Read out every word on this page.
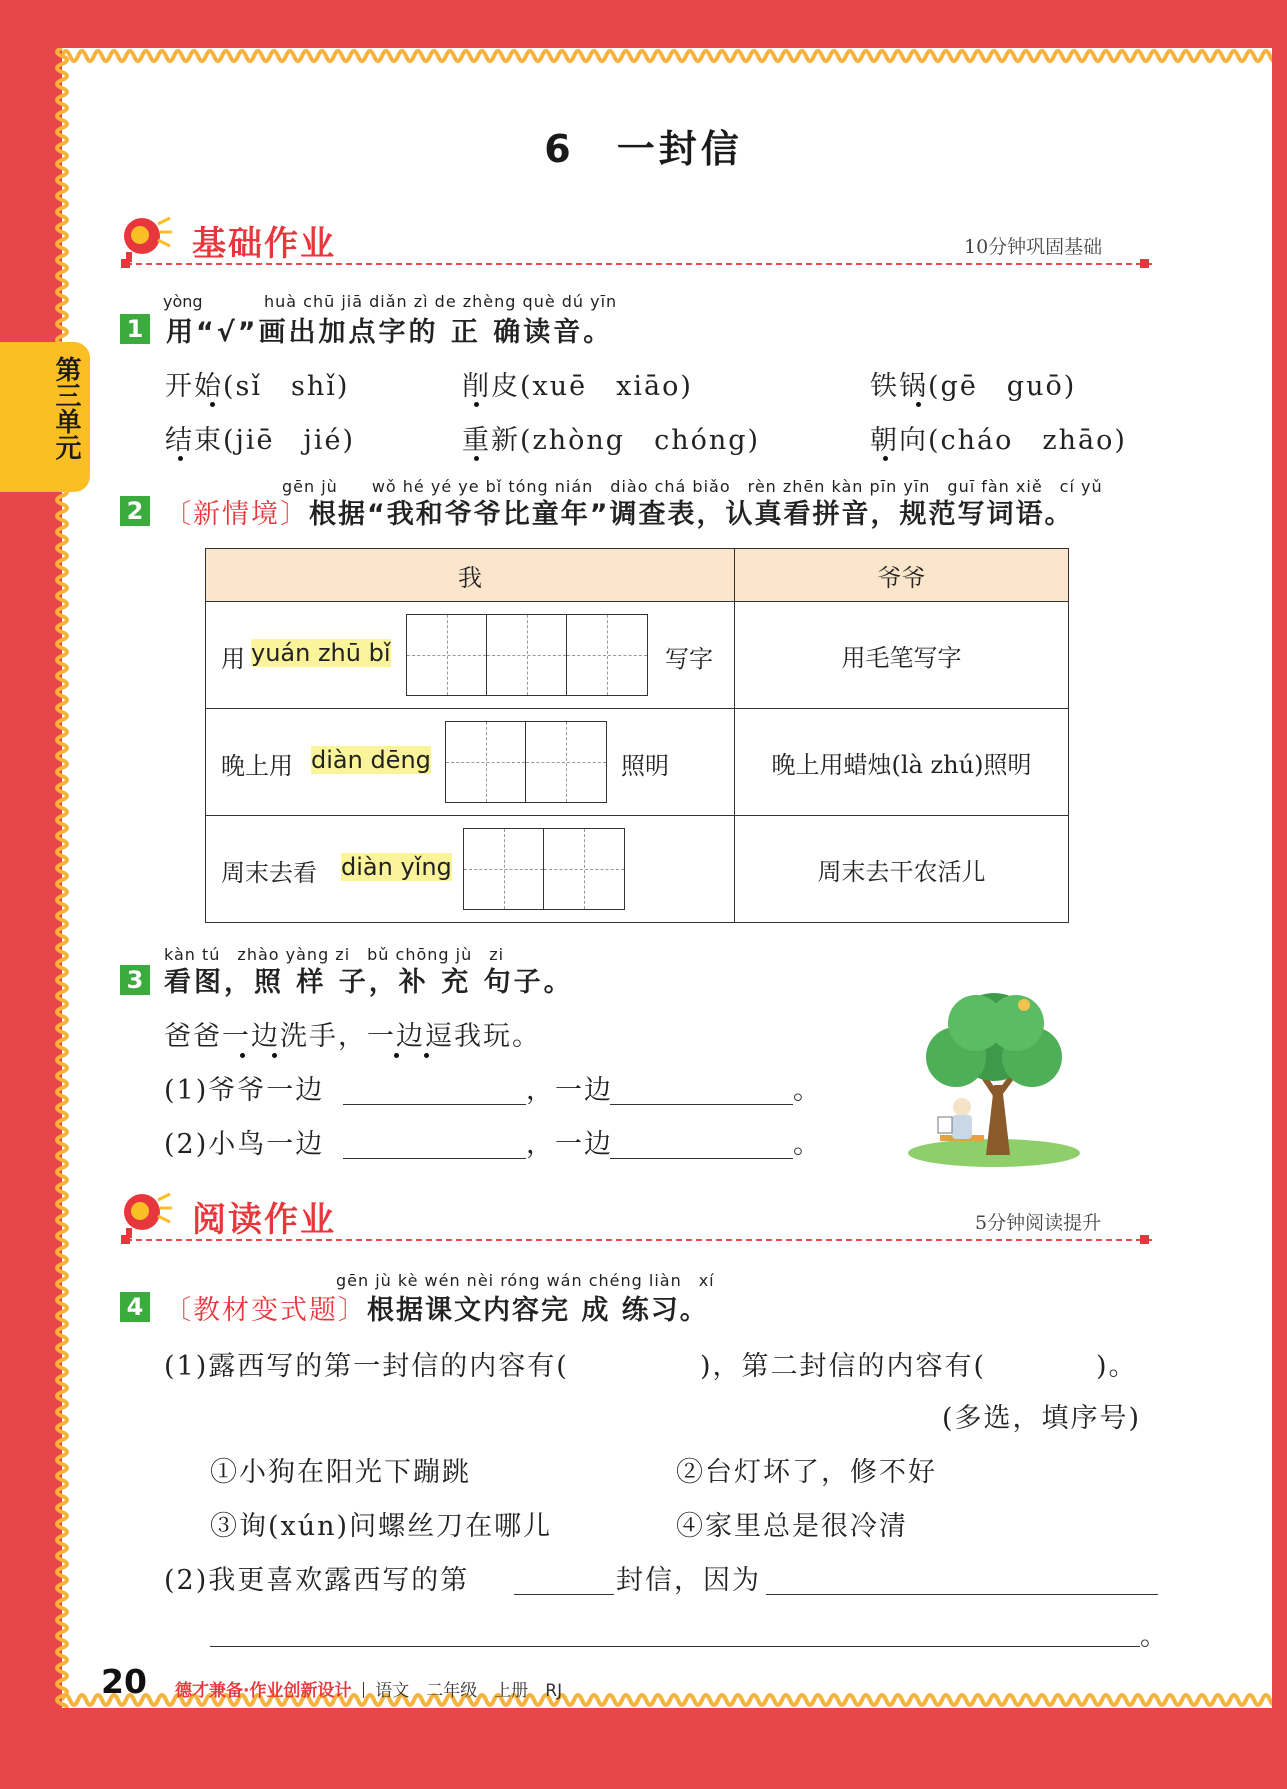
第三单元
6　一封信
基础作业	10分钟巩固基础
yòng	huà chū jiā diǎn zì de zhèng què dú yīn
1 用“√”画出加点字的 正 确读音。
开始(sǐ　shǐ)	削皮(xuē　xiāo)	铁锅(gē　guō)
结束(jiē　jié)	重新(zhòng　chóng)	朝向(cháo　zhāo)
gēn jù　　wǒ hé yé ye bǐ tóng nián　diào chá biǎo　rèn zhēn kàn pīn yīn　guī fàn xiě　cí yǔ
2 〔新情境〕根据“我和爷爷比童年”调查表，认真看拼音，规范写词语。
我	爷爷

用 yuán zhū bǐ 写字	用毛笔写字

晚上用 diàn dēng 照明	晚上用蜡烛(là zhú)照明

周末去看 diàn yǐng	周末去干农活儿
kàn tú　zhào yàng zi　bǔ chōng jù　zi
3 看图，照 样 子，补 充 句子。
爸爸一边洗手，一边逗我玩。
(1)爷爷一边	，一边	。
(2)小鸟一边	，一边	。
阅读作业	5分钟阅读提升
gēn jù kè wén nèi róng wán chéng liàn　xí
4 〔教材变式题〕根据课文内容完 成 练习。
(1)露西写的第一封信的内容有(	)，第二封信的内容有(	)。
(多选，填序号)
①小狗在阳光下蹦跳	②台灯坏了，修不好
③询(xún)问螺丝刀在哪儿	④家里总是很冷清
(2)我更喜欢露西写的第	封信，因为
。
20 德才兼备·作业创新设计 语文　二年级　上册　RJ
